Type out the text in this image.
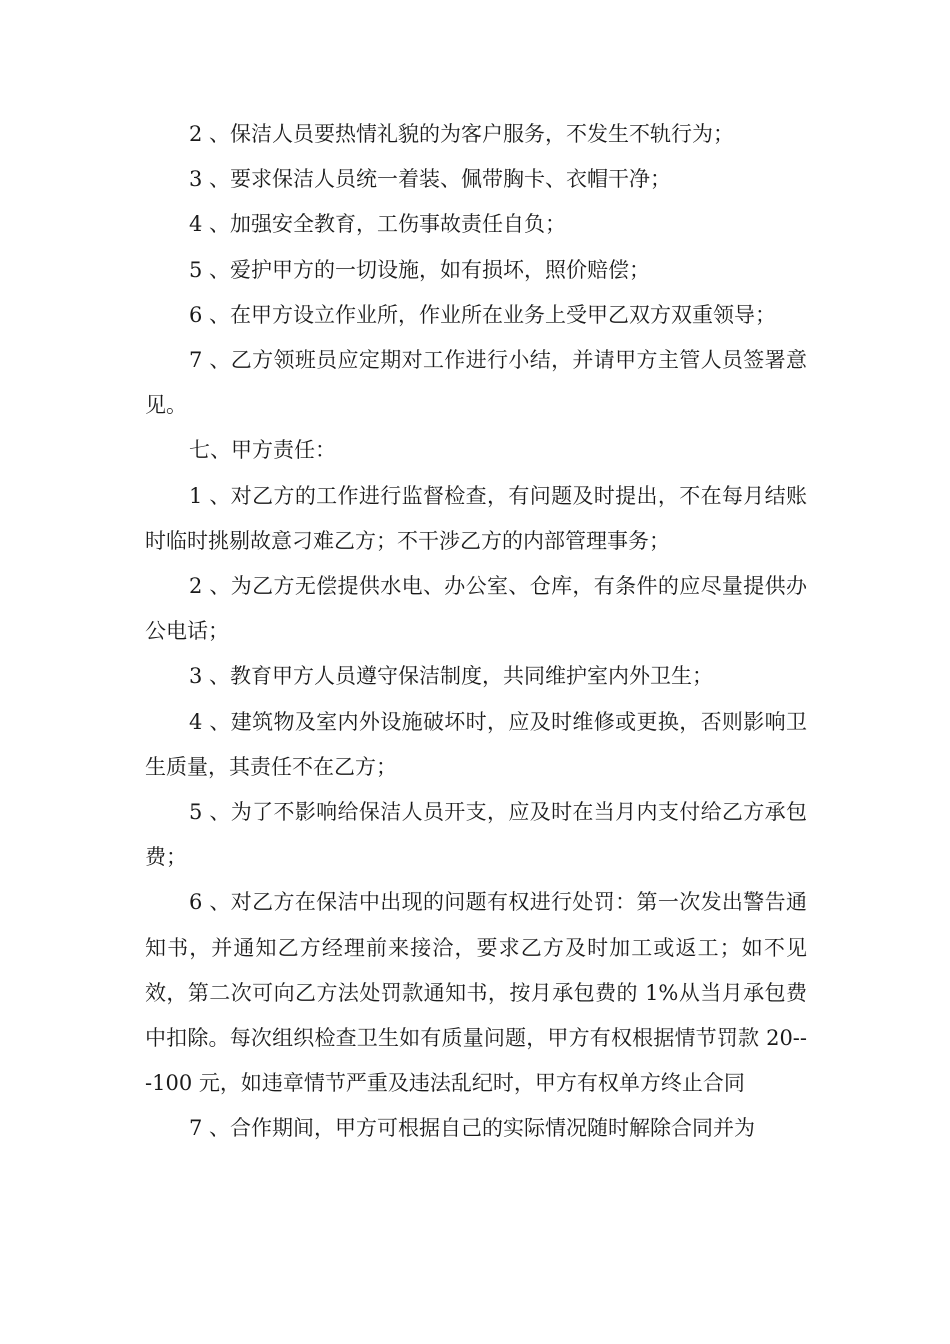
2 、保洁人员要热情礼貌的为客户服务，不发生不轨行为；

3 、要求保洁人员统一着装、佩带胸卡、衣帽干净；

4 、加强安全教育，工伤事故责任自负；

5 、爱护甲方的一切设施，如有损坏，照价赔偿；

6 、在甲方设立作业所，作业所在业务上受甲乙双方双重领导；

7 、乙方领班员应定期对工作进行小结，并请甲方主管人员签署意见。

七、甲方责任：

1 、对乙方的工作进行监督检查，有问题及时提出，不在每月结账时临时挑剔故意刁难乙方；不干涉乙方的内部管理事务；

2 、为乙方无偿提供水电、办公室、仓库，有条件的应尽量提供办公电话；

3 、教育甲方人员遵守保洁制度，共同维护室内外卫生；

4 、建筑物及室内外设施破坏时，应及时维修或更换，否则影响卫生质量，其责任不在乙方；

5 、为了不影响给保洁人员开支，应及时在当月内支付给乙方承包费；

6 、对乙方在保洁中出现的问题有权进行处罚：第一次发出警告通知书，并通知乙方经理前来接洽，要求乙方及时加工或返工；如不见效，第二次可向乙方法处罚款通知书，按月承包费的 1%从当月承包费中扣除。每次组织检查卫生如有质量问题，甲方有权根据情节罚款 20---100 元，如违章情节严重及违法乱纪时，甲方有权单方终止合同

7 、合作期间，甲方可根据自己的实际情况随时解除合同并为
